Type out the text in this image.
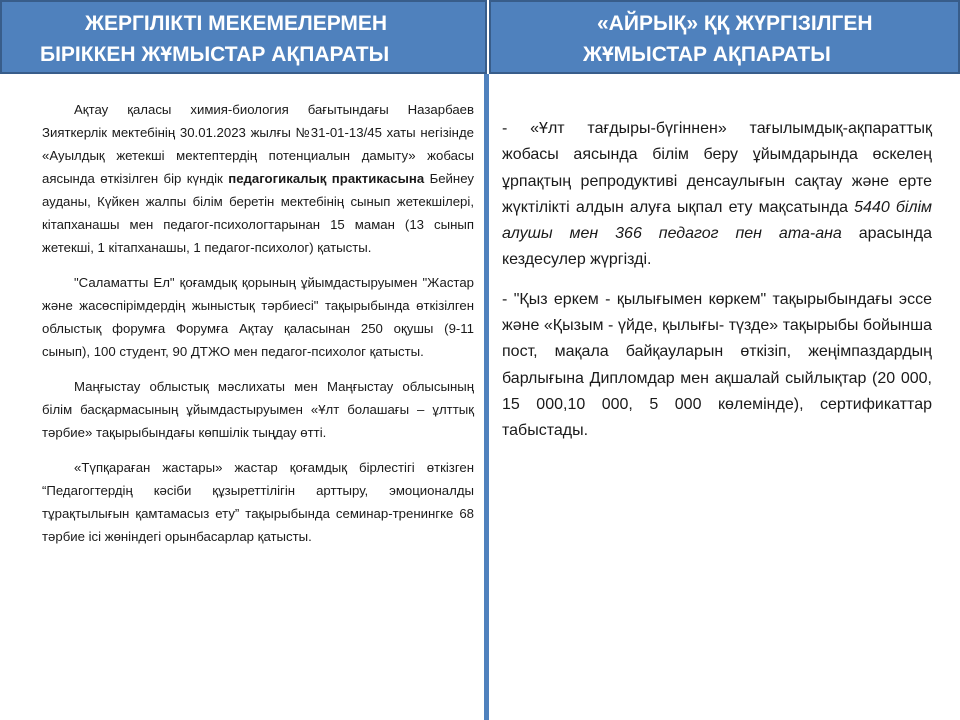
ЖЕРГІЛІКТІ МЕКЕМЕЛЕРМЕН
БІРІККЕН ЖҰМЫСТАР АҚПАРАТЫ
«АЙРЫҚ» ҚҚ ЖҮРГІЗІЛГЕН
ЖҰМЫСТАР АҚПАРАТЫ

Ақтау қаласы химия-биология бағытындағы Назарбаев Зияткерлік мектебінің 30.01.2023 жылғы №31-01-13/45 хаты негізінде «Ауылдық жетекші мектептердің потенциалын дамыту» жобасы аясында өткізілген бір күндік педагогикалық практикасына Бейнеу ауданы, Күйкен жалпы білім беретін мектебінің сынып жетекшілері, кітапханашы мен педагог-психологтарынан 15 маман (13 сынып жетекші, 1 кітапханашы, 1 педагог-психолог) қатысты.

"Саламатты Ел" қоғамдық қорының ұйымдастыруымен "Жастар және жасөспірімдердің жыныстық тәрбиесі" тақырыбында өткізілген облыстық форумға Форумға Ақтау қаласынан 250 оқушы (9-11 сынып), 100 студент, 90 ДТЖО мен педагог-психолог қатысты.

Маңғыстау облыстық мәслихаты мен Маңғыстау облысының білім басқармасының ұйымдастыруымен «Ұлт болашағы – ұлттық тәрбие» тақырыбындағы көпшілік тыңдау өтті.

«Түпқараған жастары» жастар қоғамдық бірлестігі өткізген “Педагогтердің кәсіби құзыреттілігін арттыру, эмоционалды тұрақтылығын қамтамасыз ету” тақырыбында семинар-тренингке 68 тәрбие ісі жөніндегі орынбасарлар қатысты.

- «Ұлт тағдыры-бүгіннен» тағылымдық-ақпараттық жобасы аясында білім беру ұйымдарында өскелең ұрпақтың репродуктиві денсаулығын сақтау және ерте жүктілікті алдын алуға ықпал ету мақсатында 5440 білім алушы мен 366 педагог пен ата-ана арасында кездесулер жүргізді.

- "Қыз еркем - қылығымен көркем" тақырыбындағы эссе және «Қызым - үйде, қылығы- түзде» тақырыбы бойынша пост, мақала байқауларын өткізіп, жеңімпаздардың барлығына Дипломдар мен ақшалай сыйлықтар (20 000, 15 000,10 000, 5 000 көлемінде), сертификаттар табыстады.
